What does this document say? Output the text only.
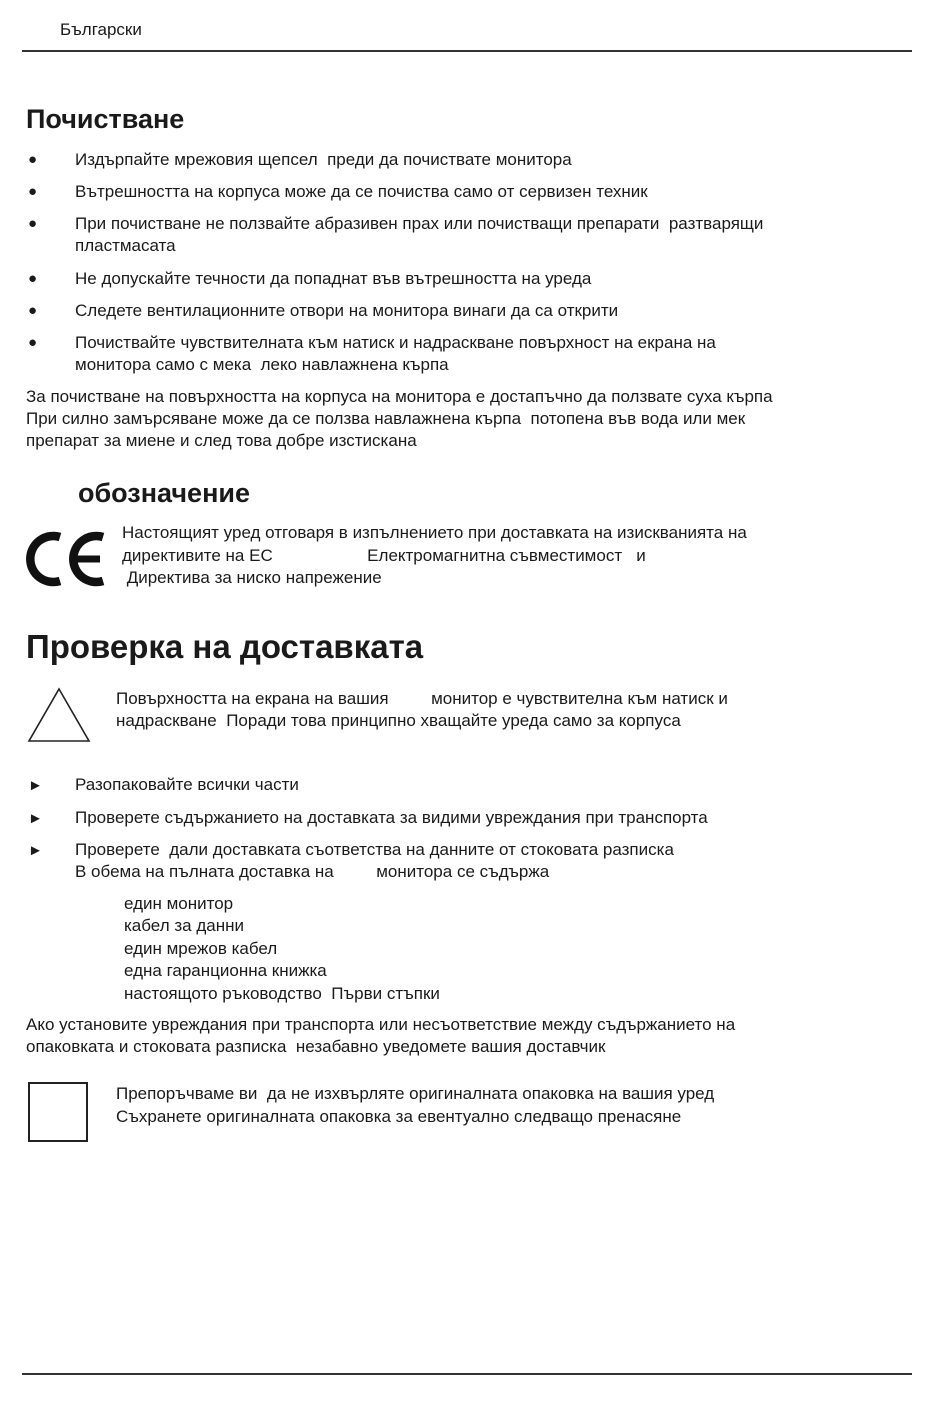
Български
Почистване
● Издърпайте мрежовия щепсел  преди да почиствате монитора
● Вътрешността на корпуса може да се почиства само от сервизен техник
● При почистване не ползвайте абразивен прах или почистващи препарати  разтварящи
пластмасата
● Не допускайте течности да попаднат във вътрешността на уреда
● Следете вентилационните отвори на монитора винаги да са открити
● Почиствайте чувствителната към натиск и надраскване повърхност на екрана на
монитора само с мека  леко навлажнена кърпа
За почистване на повърхността на корпуса на монитора е достапъчно да ползвате суха кърпа
При силно замърсяване може да се ползва навлажнена кърпа  потопена във вода или мек
препарат за миене и след това добре изстискана
обозначение
Настоящият уред отговаря в изпълнението при доставката на изискванията на
директивите на ЕС                    Електромагнитна съвместимост   и
Директива за ниско напрежение
Проверка на доставката
Повърхността на екрана на вашия         монитор е чувствителна към натиск и
надраскване  Поради това принципно хващайте уреда само за корпуса
► Разопаковайте всички части
► Проверете съдържанието на доставката за видими увреждания при транспорта
► Проверете  дали доставката съответства на данните от стоковата разписка
В обема на пълната доставка на         монитора се съдържа
един монитор
кабел за данни
един мрежов кабел
една гаранционна книжка
настоящото ръководство  Първи стъпки
Ако установите увреждания при транспорта или несъответствие между съдържанието на
опаковката и стоковата разписка  незабавно уведомете вашия доставчик
Препоръчваме ви  да не изхвърляте оригиналната опаковка на вашия уред
Съхранете оригиналната опаковка за евентуално следващо пренасяне
